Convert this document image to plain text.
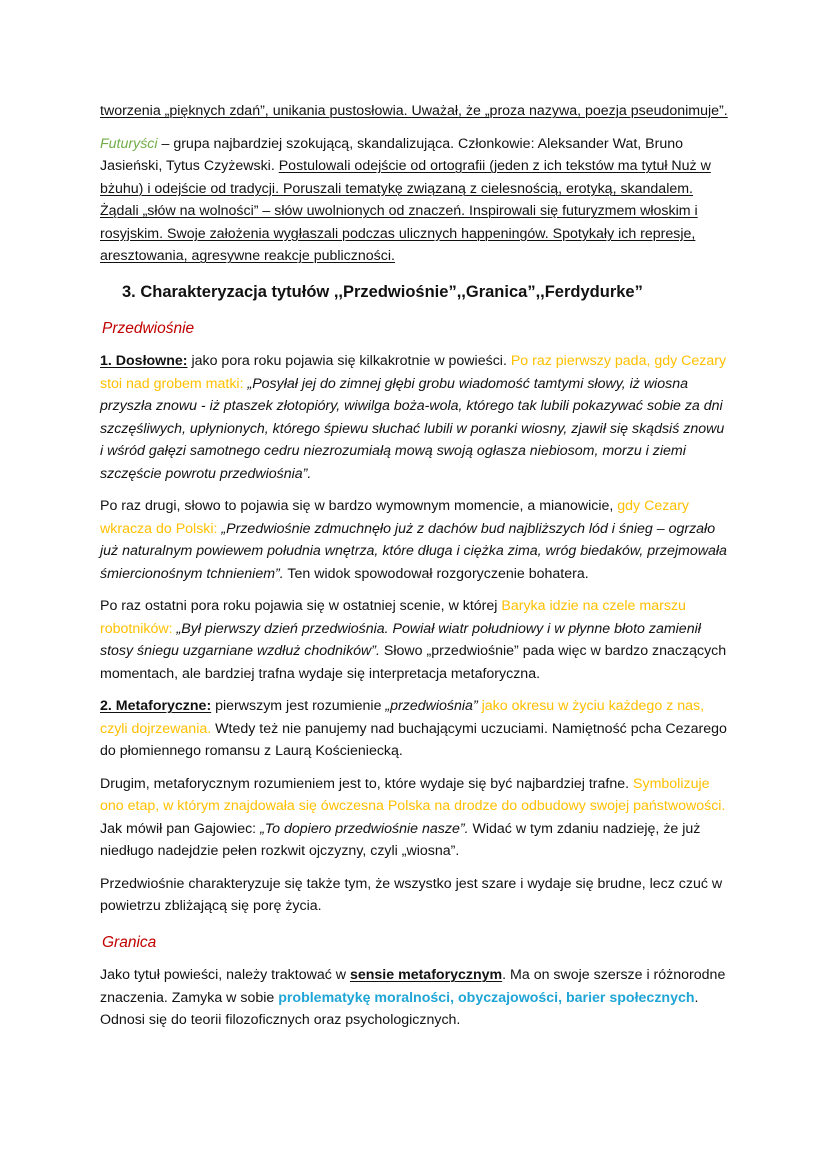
tworzenia „pięknych zdań”, unikania pustosłowia. Uważał, że „proza nazywa, poezja pseudonimuje”.

Futuryści – grupa najbardziej szokującą, skandalizująca. Członkowie: Aleksander Wat, Bruno Jasieński, Tytus Czyżewski. Postulowali odejście od ortografii (jeden z ich tekstów ma tytuł Nuż w bżuhu) i odejście od tradycji. Poruszali tematykę związaną z cielesnością, erotyką, skandalem. Żądali „słów na wolności” – słów uwolnionych od znaczeń. Inspirowali się futuryzmem włoskim i rosyjskim. Swoje założenia wygłaszali podczas ulicznych happeningów. Spotykały ich represje, aresztowania, agresywne reakcje publiczności.

3. Charakteryzacja tytułów ,,Przedwiośnie”,,Granica”,,Ferdydurke”
Przedwiośnie

1. Dosłowne: jako pora roku pojawia się kilkakrotnie w powieści. Po raz pierwszy pada, gdy Cezary stoi nad grobem matki: „Posyłał jej do zimnej głębi grobu wiadomość tamtymi słowy, iż wiosna przyszła znowu - iż ptaszek złotopióry, wiwilga boża-wola, którego tak lubili pokazywać sobie za dni szczęśliwych, upłynionych, którego śpiewu słuchać lubili w poranki wiosny, zjawił się skądsiś znowu i wśród gałęzi samotnego cedru niezrozumiałą mową swoją ogłasza niebiosom, morzu i ziemi szczęście powrotu przedwiośnia”.

Po raz drugi, słowo to pojawia się w bardzo wymownym momencie, a mianowicie, gdy Cezary wkracza do Polski: „Przedwiośnie zdmuchnęło już z dachów bud najbliższych lód i śnieg – ogrzało już naturalnym powiewem południa wnętrza, które długa i ciężka zima, wróg biedaków, przejmowała śmiercionośnym tchnieniem”. Ten widok spowodował rozgoryczenie bohatera.

Po raz ostatni pora roku pojawia się w ostatniej scenie, w której Baryka idzie na czele marszu robotników: „Był pierwszy dzień przedwiośnia. Powiał wiatr południowy i w płynne błoto zamienił stosy śniegu uzgarniane wzdłuż chodników”. Słowo „przedwiośnie” pada więc w bardzo znaczących momentach, ale bardziej trafna wydaje się interpretacja metaforyczna.

2. Metaforyczne: pierwszym jest rozumienie „przedwiośnia” jako okresu w życiu każdego z nas, czyli dojrzewania. Wtedy też nie panujemy nad buchającymi uczuciami. Namiętność pcha Cezarego do płomiennego romansu z Laurą Kościeniecką.

Drugim, metaforycznym rozumieniem jest to, które wydaje się być najbardziej trafne. Symbolizuje ono etap, w którym znajdowała się ówczesna Polska na drodze do odbudowy swojej państwowości. Jak mówił pan Gajowiec: „To dopiero przedwiośnie nasze”. Widać w tym zdaniu nadzieję, że już niedługo nadejdzie pełen rozkwit ojczyzny, czyli „wiosna”.

Przedwiośnie charakteryzuje się także tym, że wszystko jest szare i wydaje się brudne, lecz czuć w powietrzu zbliżającą się porę życia.

Granica

Jako tytuł powieści, należy traktować w sensie metaforycznym. Ma on swoje szersze i różnorodne znaczenia. Zamyka w sobie problematykę moralności, obyczajowości, barier społecznych. Odnosi się do teorii filozoficznych oraz psychologicznych.
